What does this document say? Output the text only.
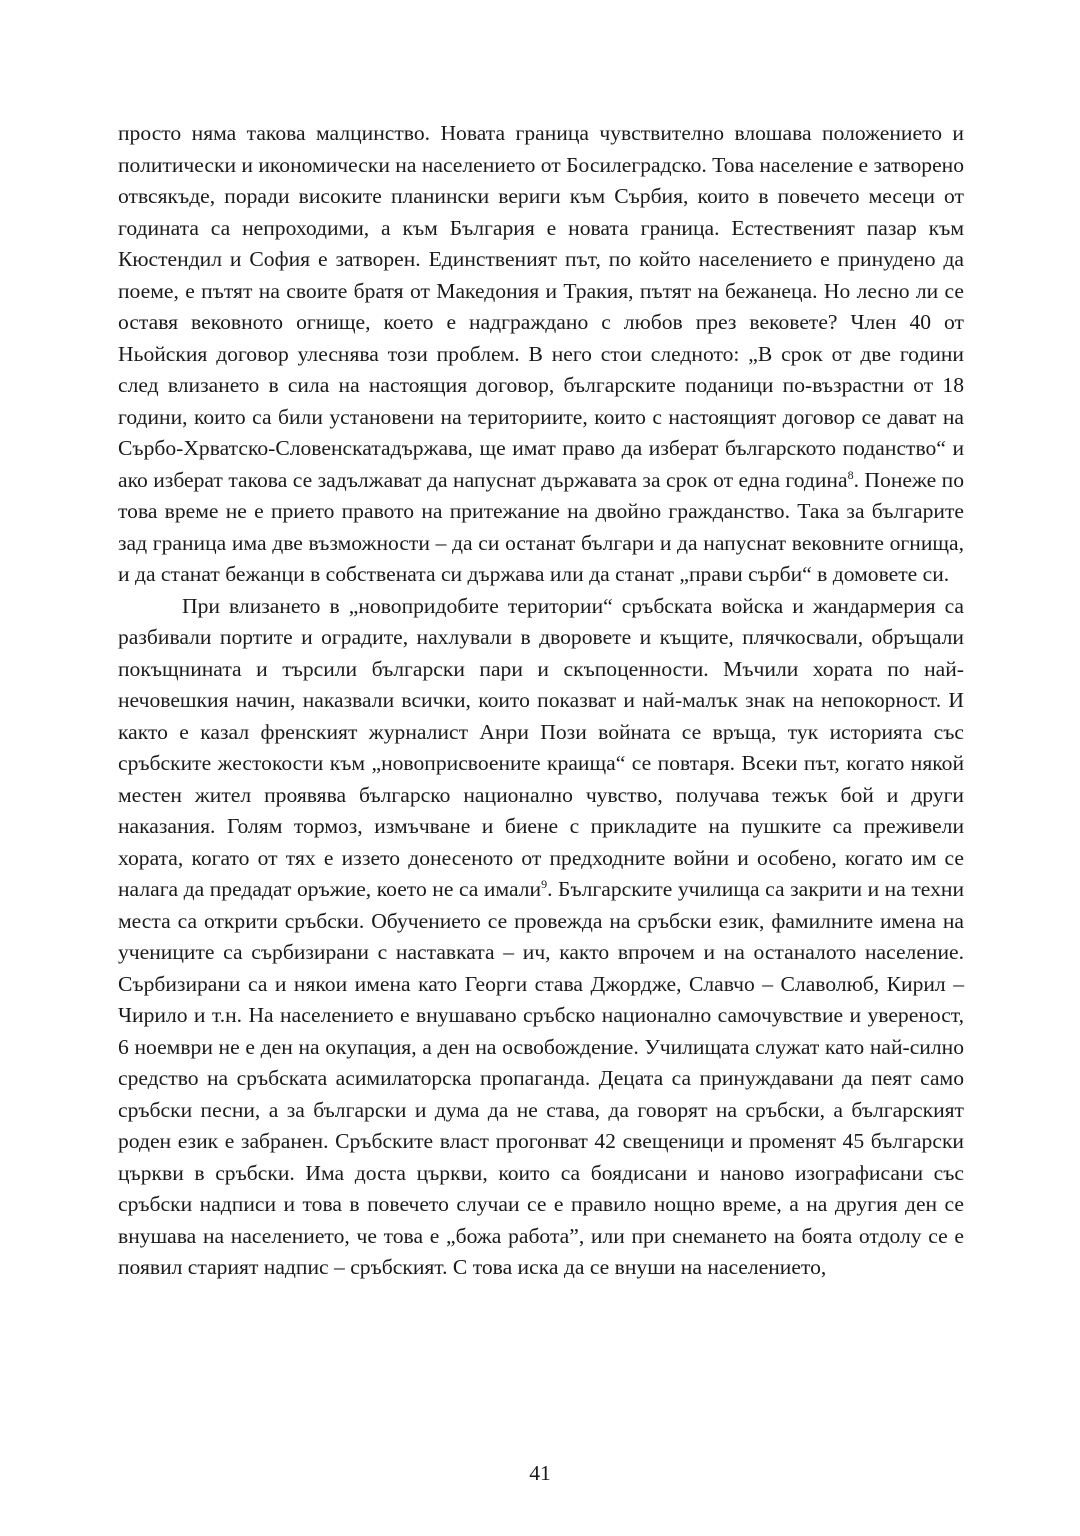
просто няма такова малцинство. Новата граница чувствително влошава положението и политически и икономически на населението от Босилеградско. Това население е затворено отвсякъде, поради високите планински вериги към Сърбия, които в повечето месеци от годината са непроходими, а към България е новата граница. Естественият пазар към Кюстендил и София е затворен. Единственият път, по който населението е принудено да поеме, е пътят на своите братя от Македония и Тракия, пътят на бежанеца. Но лесно ли се оставя вековното огнище, което е надграждано с любов през вековете? Член 40 от Ньойския договор улеснява този проблем. В него стои следното: „В срок от две години след влизането в сила на настоящия договор, българските поданици по-възрастни от 18 години, които са били установени на териториите, които с настоящият договор се дават на Сърбо-Хрватско-Словенскатадържава, ще имат право да изберат българското поданство“ и ако изберат такова се задължават да напуснат държавата за срок от една година$^8$. Понеже по това време не е прието правото на притежание на двойно гражданство. Така за българите зад граница има две възможности – да си останат българи и да напуснат вековните огнища, и да станат бежанци в собствената си държава или да станат „прави сърби“ в домовете си.

При влизането в „новопридобите територии“ сръбската войска и жандармерия са разбивали портите и оградите, нахлували в дворовете и къщите, плячкосвали, обръщали покъщнината и търсили български пари и скъпоценности. Мъчили хората по най-нечовешкия начин, наказвали всички, които показват и най-малък знак на непокорност. И както е казал френският журналист Анри Пози войната се връща, тук историята със сръбските жестокости към „новоприсвоените краища“ се повтаря. Всеки път, когато някой местен жител проявява българско национално чувство, получава тежък бой и други наказания. Голям тормоз, измъчване и биене с прикладите на пушките са преживели хората, когато от тях е иззето донесеното от предходните войни и особено, когато им се налага да предадат оръжие, което не са имали$^9$. Българските училища са закрити и на техни места са открити сръбски. Обучението се провежда на сръбски език, фамилните имена на учениците са сърбизирани с наставката – ич, както впрочем и на останалото население. Сърбизирани са и някои имена като Георги става Джордже, Славчо – Славолюб, Кирил – Чирило и т.н. На населението е внушавано сръбско национално самочувствие и увереност, 6 ноември не е ден на окупация, а ден на освобождение. Училищата служат като най-силно средство на сръбската асимилаторска пропаганда. Децата са принуждавани да пеят само сръбски песни, а за български и дума да не става, да говорят на сръбски, а българският роден език е забранен. Сръбските власт прогонват 42 свещеници и променят 45 български църкви в сръбски. Има доста църкви, които са боядисани и наново изографисани със сръбски надписи и това в повечето случаи се е правило нощно време, а на другия ден се внушава на населението, че това е „божа работа”, или при снемането на боята отдолу се е появил старият надпис – сръбският. С това иска да се внуши на населението,

41
